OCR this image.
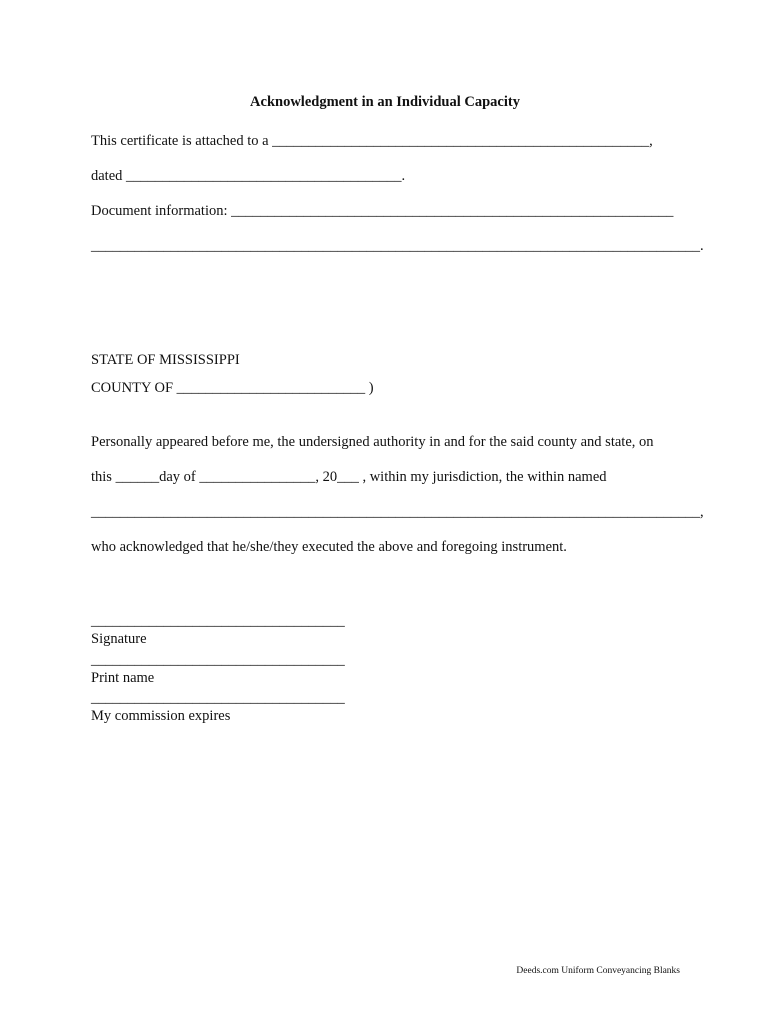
Acknowledgment in an Individual Capacity
This certificate is attached to a ____________________________________________________,
dated ______________________________________.
Document information: _____________________________________________________________
____________________________________________________________________________________.
STATE OF MISSISSIPPI
COUNTY OF __________________________ )
Personally appeared before me, the undersigned authority in and for the said county and state, on
this ______day of ________________, 20___ , within my jurisdiction, the within named
____________________________________________________________________________________,
who acknowledged that he/she/they executed the above and foregoing instrument.
___________________________________
Signature
___________________________________
Print name
___________________________________
My commission expires
Deeds.com Uniform Conveyancing Blanks
